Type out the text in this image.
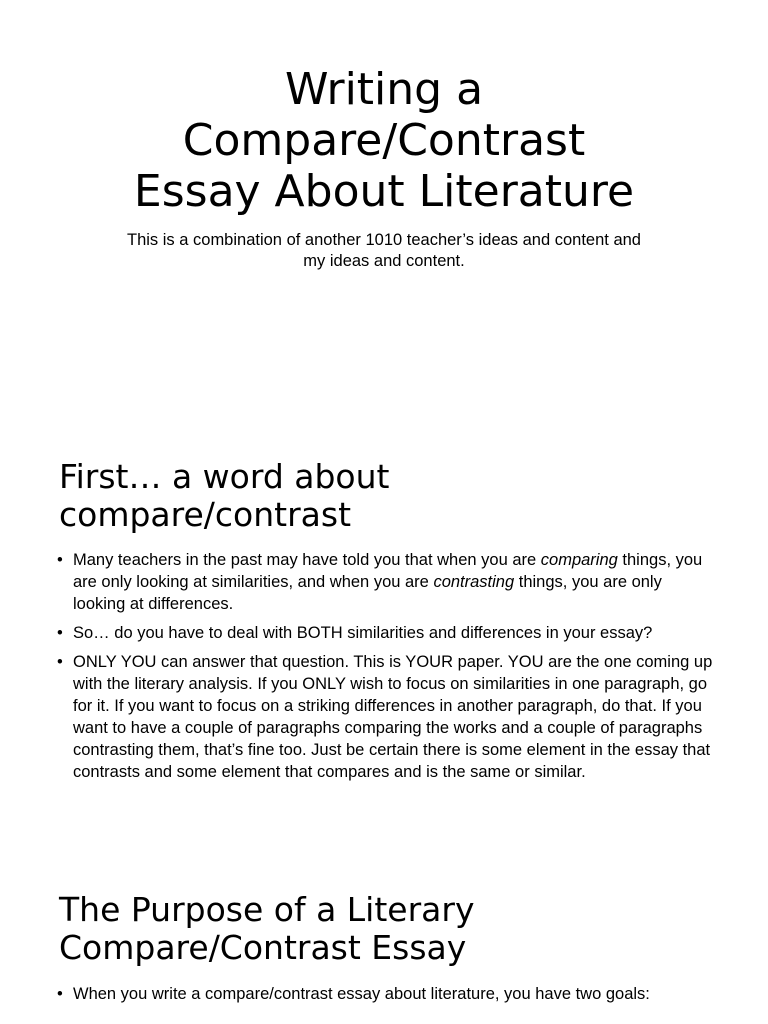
Writing a
Compare/Contrast
Essay About Literature

This is a combination of another 1010 teacher’s ideas and content and
my ideas and content.

First… a word about
compare/contrast
• Many teachers in the past may have told you that when you are comparing things, you are only looking at similarities, and when you are contrasting things, you are only looking at differences.
• So… do you have to deal with BOTH similarities and differences in your essay?
• ONLY YOU can answer that question. This is YOUR paper. YOU are the one coming up with the literary analysis. If you ONLY wish to focus on similarities in one paragraph, go for it. If you want to focus on a striking differences in another paragraph, do that. If you want to have a couple of paragraphs comparing the works and a couple of paragraphs contrasting them, that’s fine too. Just be certain there is some element in the essay that contrasts and some element that compares and is the same or similar.
The Purpose of a Literary
Compare/Contrast Essay
• When you write a compare/contrast essay about literature, you have two goals:
